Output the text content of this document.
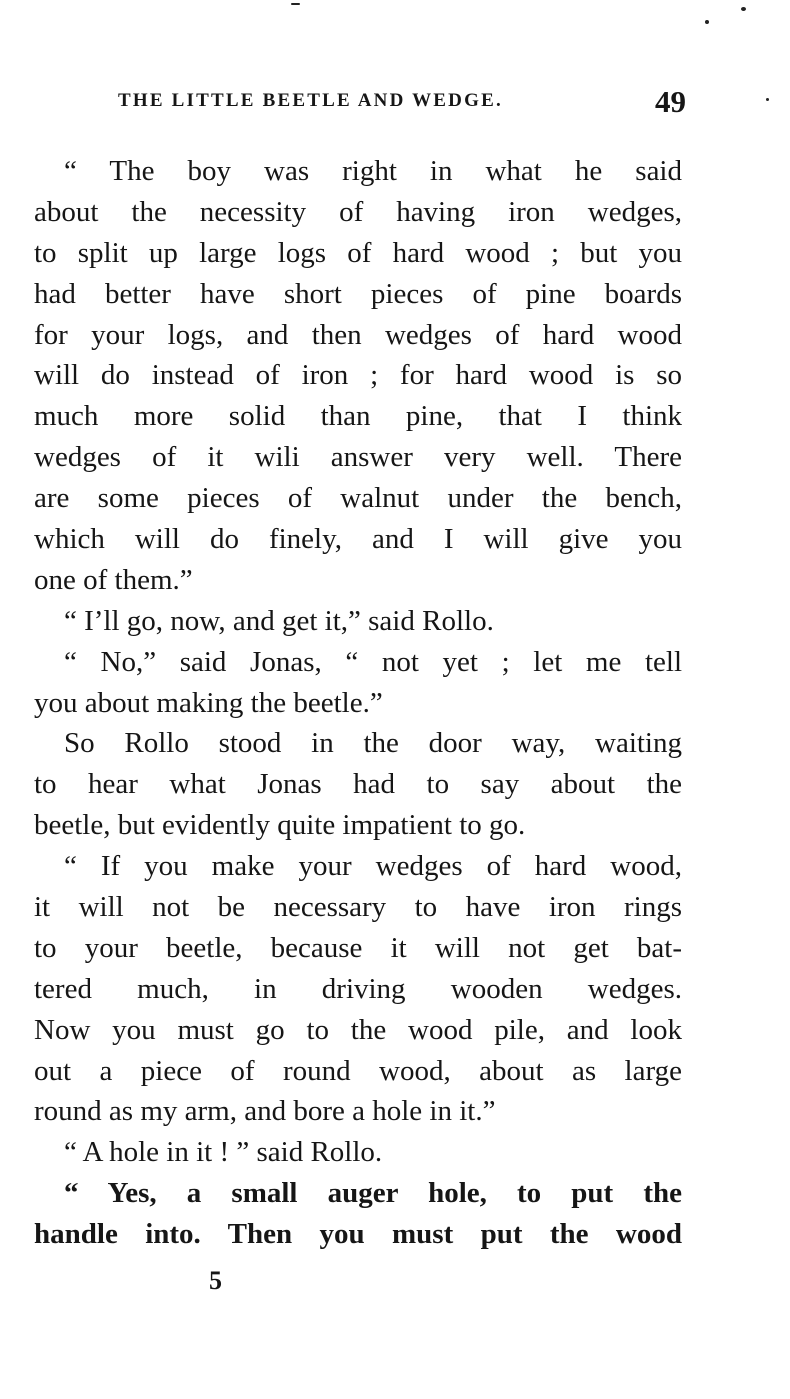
THE LITTLE BEETLE AND WEDGE.	49
“ The boy was right in what he said
about the necessity of having iron wedges,
to split up large logs of hard wood ; but you
had better have short pieces of pine boards
for your logs, and then wedges of hard wood
will do instead of iron ; for hard wood is so
much more solid than pine, that I think
wedges of it wili answer very well. There
are some pieces of walnut under the bench,
which will do finely, and I will give you
one of them.”
“ I’ll go, now, and get it,” said Rollo.
“ No,” said Jonas, “ not yet ; let me tell
you about making the beetle.”
So Rollo stood in the door way, waiting
to hear what Jonas had to say about the
beetle, but evidently quite impatient to go.
“ If you make your wedges of hard wood,
it will not be necessary to have iron rings
to your beetle, because it will not get bat-
tered much, in driving wooden wedges.
Now you must go to the wood pile, and look
out a piece of round wood, about as large
round as my arm, and bore a hole in it.”
“ A hole in it ! ” said Rollo.
“ Yes, a small auger hole, to put the
handle into. Then you must put the wood
5
